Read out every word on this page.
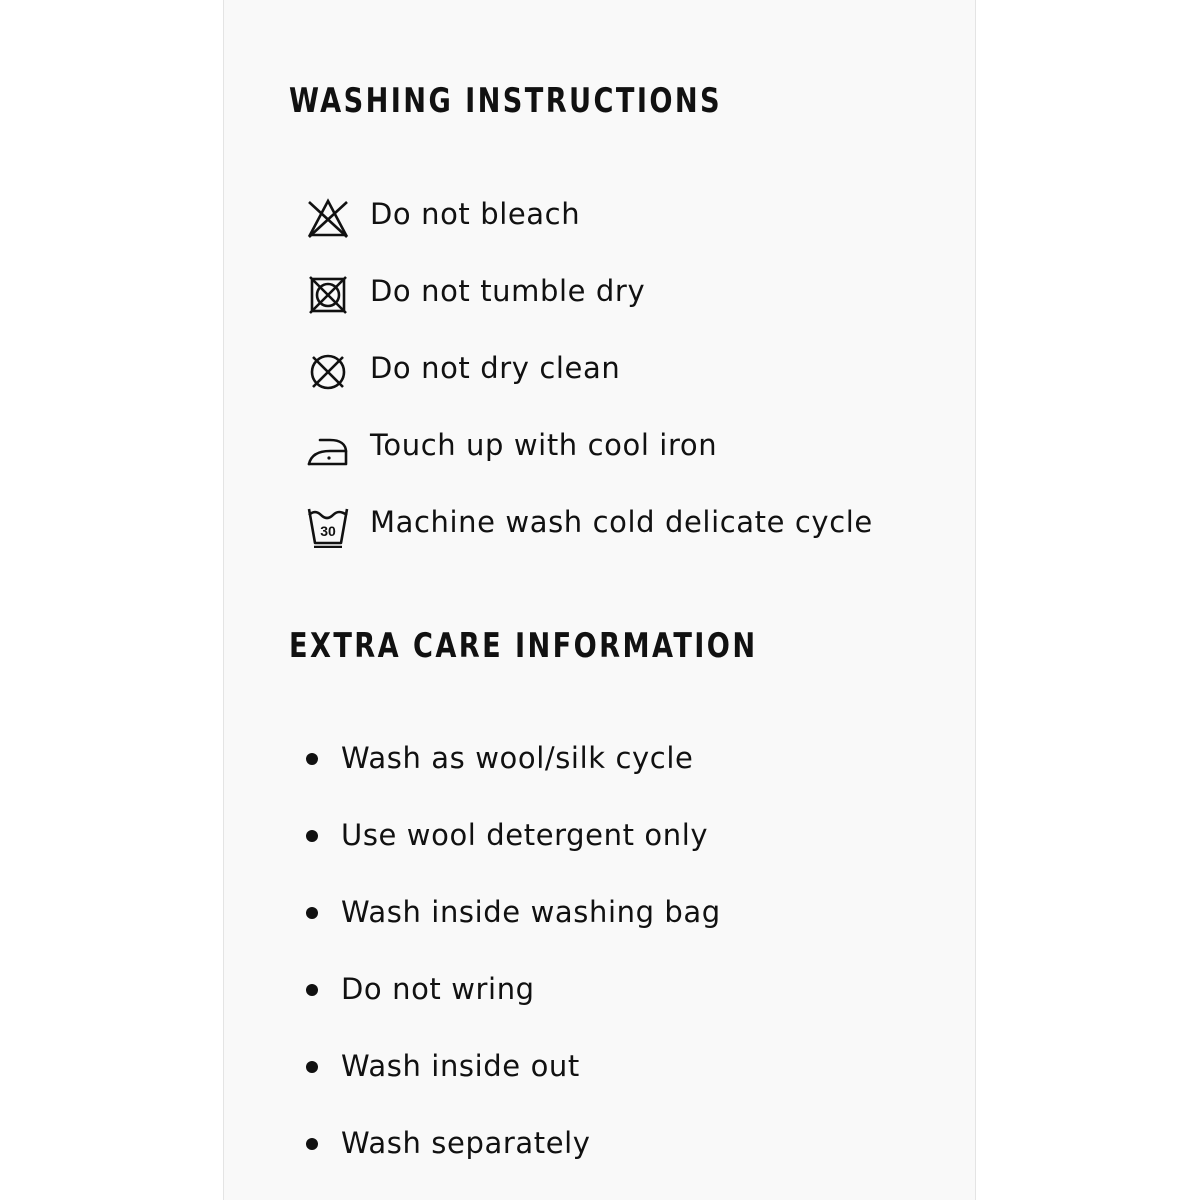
WASHING INSTRUCTIONS
Do not bleach
Do not tumble dry
Do not dry clean
Touch up with cool iron
30 Machine wash cold delicate cycle
EXTRA CARE INFORMATION
Wash as wool/silk cycle
Use wool detergent only
Wash inside washing bag
Do not wring
Wash inside out
Wash separately
